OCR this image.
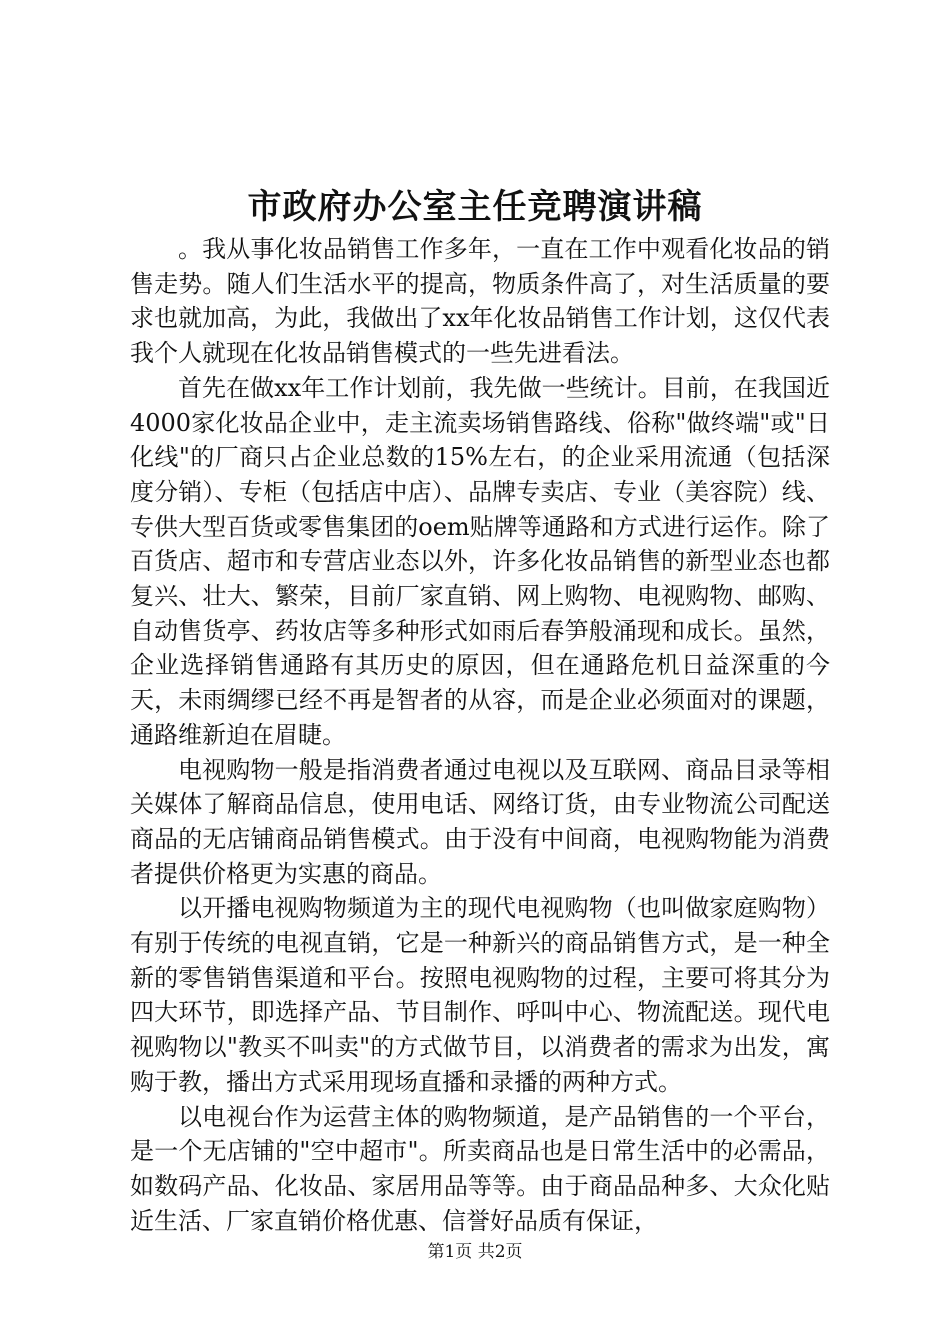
市政府办公室主任竞聘演讲稿

。我从事化妆品销售工作多年，一直在工作中观看化妆品的销售走势。随人们生活水平的提高，物质条件高了，对生活质量的要求也就加高，为此，我做出了xx年化妆品销售工作计划，这仅代表我个人就现在化妆品销售模式的一些先进看法。

首先在做xx年工作计划前，我先做一些统计。目前，在我国近4000家化妆品企业中，走主流卖场销售路线、俗称"做终端"或"日化线"的厂商只占企业总数的15%左右，的企业采用流通（包括深度分销）、专柜（包括店中店）、品牌专卖店、专业（美容院）线、专供大型百货或零售集团的oem贴牌等通路和方式进行运作。除了百货店、超市和专营店业态以外，许多化妆品销售的新型业态也都复兴、壮大、繁荣，目前厂家直销、网上购物、电视购物、邮购、自动售货亭、药妆店等多种形式如雨后春笋般涌现和成长。虽然，企业选择销售通路有其历史的原因，但在通路危机日益深重的今天，未雨绸缪已经不再是智者的从容，而是企业必须面对的课题，通路维新迫在眉睫。

电视购物一般是指消费者通过电视以及互联网、商品目录等相关媒体了解商品信息，使用电话、网络订货，由专业物流公司配送商品的无店铺商品销售模式。由于没有中间商，电视购物能为消费者提供价格更为实惠的商品。

以开播电视购物频道为主的现代电视购物（也叫做家庭购物）有别于传统的电视直销，它是一种新兴的商品销售方式，是一种全新的零售销售渠道和平台。按照电视购物的过程，主要可将其分为四大环节，即选择产品、节目制作、呼叫中心、物流配送。现代电视购物以"教买不叫卖"的方式做节目，以消费者的需求为出发，寓购于教，播出方式采用现场直播和录播的两种方式。

以电视台作为运营主体的购物频道，是产品销售的一个平台，是一个无店铺的"空中超市"。所卖商品也是日常生活中的必需品，如数码产品、化妆品、家居用品等等。由于商品品种多、大众化贴近生活、厂家直销价格优惠、信誉好品质有保证，

第1页 共2页
